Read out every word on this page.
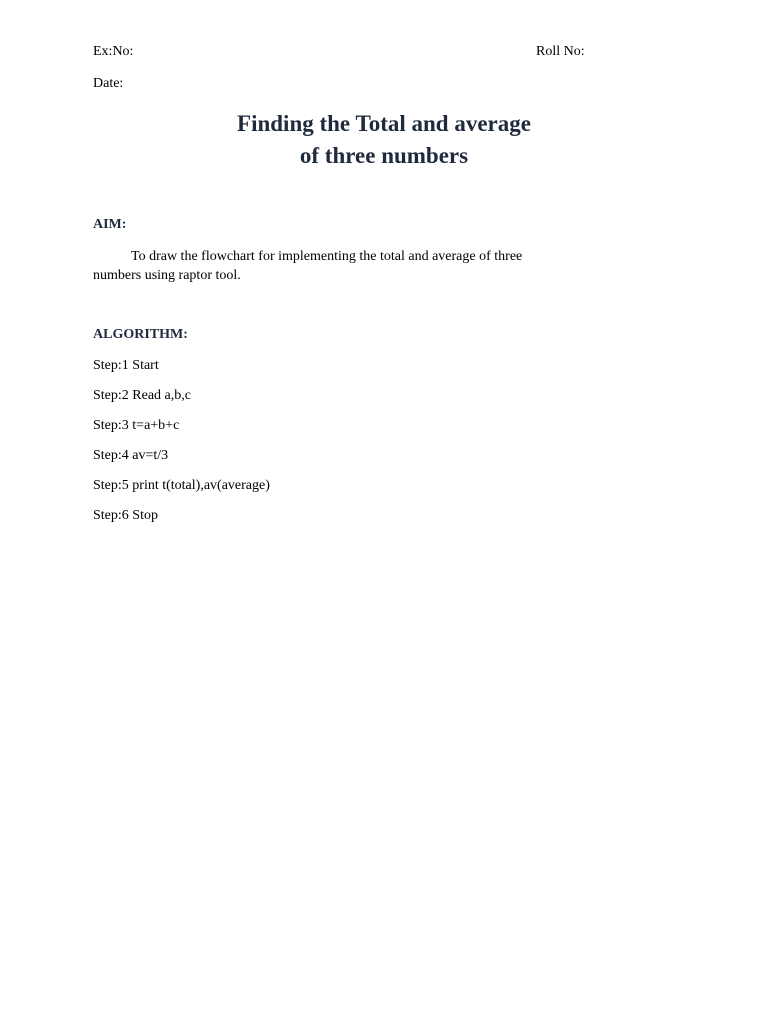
Ex:No:	Roll No:
Date:
Finding the Total and average
of three numbers
AIM:
To draw the flowchart for implementing the total and average of three
numbers using raptor tool.
ALGORITHM:
Step:1 Start
Step:2 Read a,b,c
Step:3 t=a+b+c
Step:4 av=t/3
Step:5 print t(total),av(average)
Step:6 Stop
